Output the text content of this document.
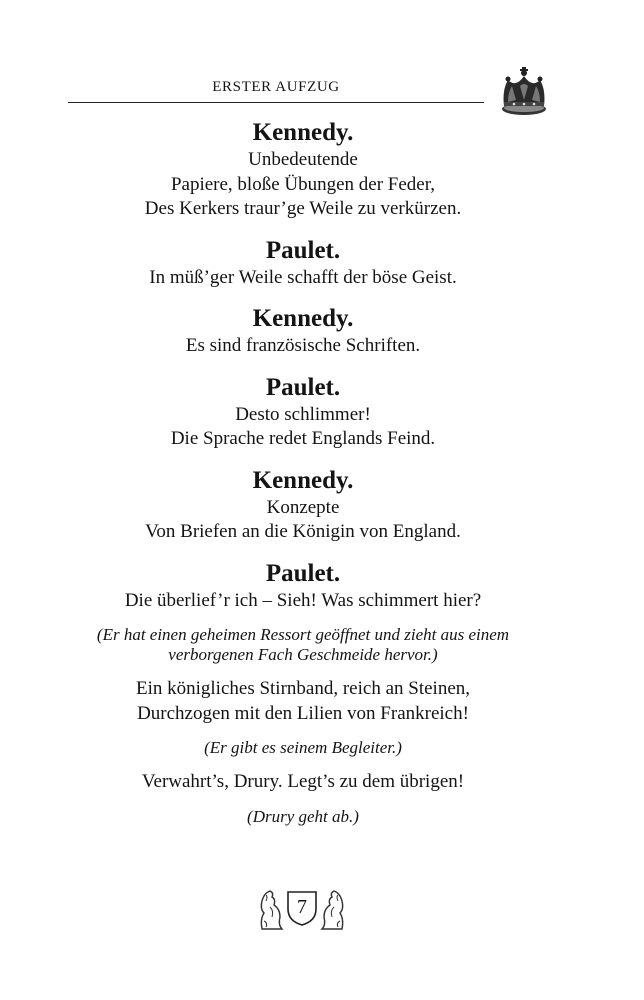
ERSTER AUFZUG

Kennedy.

Unbedeutende

Papiere, bloße Übungen der Feder,

Des Kerkers traur’ge Weile zu verkürzen.

Paulet.

In müß’ger Weile schafft der böse Geist.

Kennedy.

Es sind französische Schriften.

Paulet.

Desto schlimmer!

Die Sprache redet Englands Feind.

Kennedy.

Konzepte

Von Briefen an die Königin von England.

Paulet.

Die überlief’r ich – Sieh! Was schimmert hier?

(Er hat einen geheimen Ressort geöffnet und zieht aus einem verborgenen Fach Geschmeide hervor.)

Ein königliches Stirnband, reich an Steinen,

Durchzogen mit den Lilien von Frankreich!

(Er gibt es seinem Begleiter.)

Verwahrt’s, Drury. Legt’s zu dem übrigen!

(Drury geht ab.)

7
